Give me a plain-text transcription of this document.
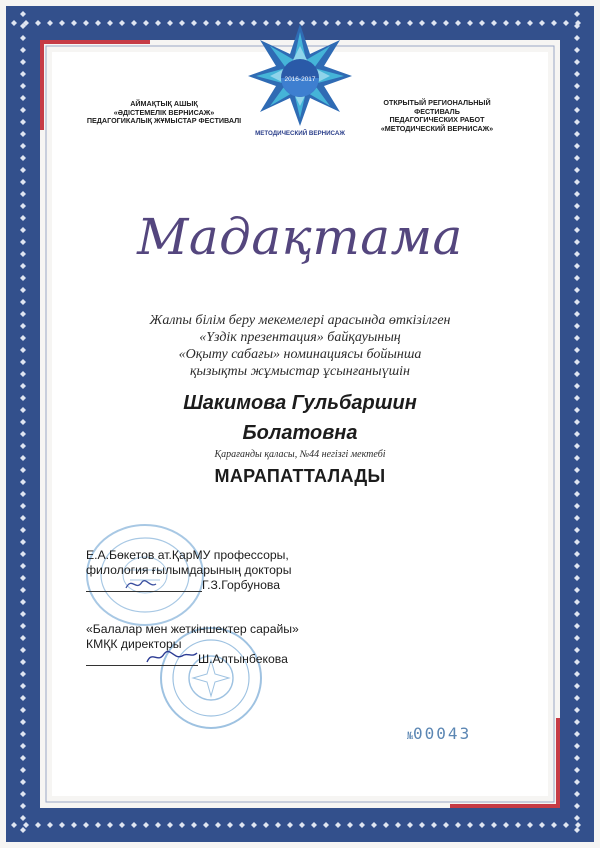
2016-2017
МЕТОДИЧЕСКИЙ ВЕРНИСАЖ
АЙМАҚТЫҚ АШЫҚ
«ӘДІСТЕМЕЛІК ВЕРНИСАЖ»
ПЕДАГОГИКАЛЫҚ ЖҰМЫСТАР ФЕСТИВАЛІ
ОТКРЫТЫЙ РЕГИОНАЛЬНЫЙ
ФЕСТИВАЛЬ
ПЕДАГОГИЧЕСКИХ РАБОТ
«МЕТОДИЧЕСКИЙ ВЕРНИСАЖ»
Мадақтама
Жалпы білім беру мекемелері арасында өткізілген
«Үздік презентация» байқауының
«Оқыту сабағы» номинациясы бойынша
қызықты жұмыстар ұсынғаныүшін
Шакимова Гульбаршин
Болатовна
Қарағанды қаласы, №44 негізгі мектебі
МАРАПАТТАЛАДЫ
Е.А.Бөкетов ат.ҚарМУ профессоры,
филология ғылымдарының докторы
Г.З.Горбунова
«Балалар мен жеткіншектер сарайы»
КМҚК директоры
Ш.Алтынбекова
№00043
